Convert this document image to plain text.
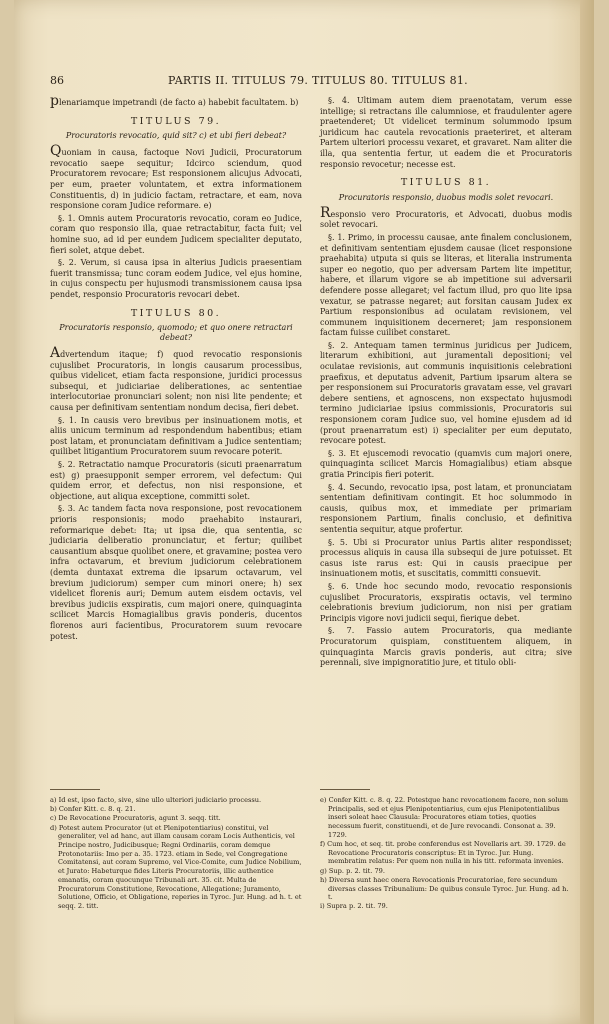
86	PARTIS II. TITULUS 79. TITULUS 80. TITULUS 81.

plenariamque impetrandi (de facto a) habebit facultatem. b)

TITULUS 79.
Procuratoris revocatio, quid sit? c) et ubi fieri debeat?

Quoniam in causa, factoque Novi Judicii, Procuratorum revocatio saepe sequitur; Idcirco sciendum, quod Procuratorem revocare; Est responsionem alicujus Advocati, per eum, praeter voluntatem, et extra informationem Constituentis, d) in judicio factam, retractare, et eam, nova responsione coram Judice reformare. e)

§. 1. Omnis autem Procuratoris revocatio, coram eo Judice, coram quo responsio illa, quae retractabitur, facta fuit; vel homine suo, ad id per eundem Judicem specialiter deputato, fieri solet, atque debet.

§. 2. Verum, si causa ipsa in alterius Judicis praesentiam fuerit transmissa; tunc coram eodem Judice, vel ejus homine, in cujus conspectu per hujusmodi transmissionem causa ipsa pendet, responsio Procuratoris revocari debet.

TITULUS 80.
Procuratoris responsio, quomodo; et quo onere retractari debeat?

Advertendum itaque; f) quod revocatio responsionis cujuslibet Procuratoris, in longis causarum processibus, quibus videlicet, etiam facta responsione, juridici processus subsequi, et judiciariae deliberationes, ac sententiae interlocutoriae pronunciari solent; non nisi lite pendente; et causa per definitivam sententiam nondum decisa, fieri debet.

§. 1. In causis vero brevibus per insinuationem motis, et aliis unicum terminum ad respondendum habentibus; etiam post latam, et pronunciatam definitivam a Judice sententiam; quilibet litigantium Procuratorem suum revocare poterit.

§. 2. Retractatio namque Procuratoris (sicuti praenarratum est) g) praesupponit semper errorem, vel defectum: Qui quidem error, et defectus, non nisi responsione, et objectione, aut aliqua exceptione, committi solet.

§. 3. Ac tandem facta nova responsione, post revocationem prioris responsionis; modo praehabito instaurari, reformarique debet: Ita; ut ipsa die, qua sententia, sc judiciaria deliberatio pronunciatur, et fertur; quilibet causantium absque quolibet onere, et gravamine; postea vero infra octavarum, et brevium judiciorum celebrationem (demta duntaxat extrema die ipsarum octavarum, vel brevium judiciorum) semper cum minori onere; h) sex videlicet florenis auri; Demum autem eisdem octavis, vel brevibus judiciis exspiratis, cum majori onere, quinquaginta scilicet Marcis Homagialibus gravis ponderis, ducentos florenos auri facientibus, Procuratorem suum revocare potest.

§. 4. Ultimam autem diem praenotatam, verum esse intellige; si retractans ille calumniose, et fraudulenter agere praetenderet; Ut videlicet terminum solummodo ipsum juridicum hac cautela revocationis praeteriret, et alteram Partem ulteriori processu vexaret, et gravaret. Nam aliter die illa, qua sententia fertur, ut eadem die et Procuratoris responsio revocetur; necesse est.

TITULUS 81.
Procuratoris responsio, duobus modis solet revocari.

Responsio vero Procuratoris, et Advocati, duobus modis solet revocari.

§. 1. Primo, in processu causae, ante finalem conclusionem, et definitivam sententiam ejusdem causae (licet responsione praehabita) utputa si quis se literas, et literalia instrumenta super eo negotio, quo per adversam Partem lite impetitur, habere, et illarum vigore se ab impetitione sui adversarii defendere posse allegaret; vel factum illud, pro quo lite ipsa vexatur, se patrasse negaret; aut forsitan causam Judex ex Partium responsionibus ad oculatam revisionem, vel communem inquisitionem decerneret; jam responsionem factam fuisse cuilibet constaret.

§. 2. Antequam tamen terminus juridicus per Judicem, literarum exhibitioni, aut juramentali depositioni; vel oculatae revisionis, aut communis inquisitionis celebrationi praefixus, et deputatus advenit, Partium ipsarum altera se per responsionem sui Procuratoris gravatam esse, vel gravari debere sentiens, et agnoscens, non exspectato hujusmodi termino judiciariae ipsius commissionis, Procuratoris sui responsionem coram Judice suo, vel homine ejusdem ad id (prout praenarratum est) i) specialiter per eum deputato, revocare potest.

§. 3. Et ejuscemodi revocatio (quamvis cum majori onere, quinquaginta scilicet Marcis Homagialibus) etiam absque gratia Principis fieri poterit.

§. 4. Secundo, revocatio ipsa, post latam, et pronunciatam sententiam definitivam contingit. Et hoc solummodo in causis, quibus mox, et immediate per primariam responsionem Partium, finalis conclusio, et definitiva sententia sequitur, atque profertur.

§. 5. Ubi si Procurator unius Partis aliter respondisset; processus aliquis in causa illa subsequi de jure potuisset. Et casus iste rarus est: Qui in causis praecipue per insinuationem motis, et suscitatis, committi consuevit.

§. 6. Unde hoc secundo modo, revocatio responsionis cujuslibet Procuratoris, exspiratis octavis, vel termino celebrationis brevium judiciorum, non nisi per gratiam Principis vigore novi judicii sequi, fierique debet.

§. 7. Fassio autem Procuratoris, qua mediante Procuratorum quispiam, constituentem aliquem, in quinquaginta Marcis gravis ponderis, aut citra; sive perennali, sive impignoratitio jure, et titulo obli-

a) Id est, ipso facto, sive, sine ullo ulteriori judiciario processu.
b) Confer Kitt. c. 8. q. 21.
c) De Revocatione Procuratoris, agunt 3. seqq. titt.
d) Potest autem Procurator (ut et Plenipotentiarius) constitui, vel generaliter, vel ad hanc, aut illam causam coram Locis Authenticis, vel Principe nostro, Judicibusque; Regni Ordinariis, coram demque Protonotariis: Imo per a. 35. 1723. etiam in Sede, vel Congregatione Comitatensi, aut coram Supremo, vel Vice-Comite, cum Judice Nobilium, et Jurato: Habeturque fides Literis Procuratoriis, illic authentice emanatis, coram quocunque Tribunali art. 35. cit. Multa de Procuratorum Constitutione, Revocatione, Allegatione; Juramento, Solutione, Officio, et Obligatione, reperies in Tyroc. Jur. Hung. ad h. t. et seqq. 2. titt.
e) Confer Kitt. c. 8. q. 22. Potestque hanc revocationem facere, non solum Principalis, sed et ejus Plenipotentiarius, cum ejus Plenipotentialibus inseri soleat haec Clausula: Procuratores etiam toties, quoties necessum fuerit, constituendi, et de Jure revocandi. Consonat a. 39. 1729.
f) Cum hoc, et seq. tit. probe conferendus est Novellaris art. 39. 1729. de Revocatione Procuratoris conscriptus: Et in Tyroc. Jur. Hung. membratim relatus: Per quem non nulla in his titt. reformata invenies.
g) Sup. p. 2. tit. 79.
h) Diversa sunt haec onera Revocationis Procuratoriae, fere secundum diversas classes Tribunalium: De quibus consule Tyroc. Jur. Hung. ad h. t.
i) Supra p. 2. tit. 79.
